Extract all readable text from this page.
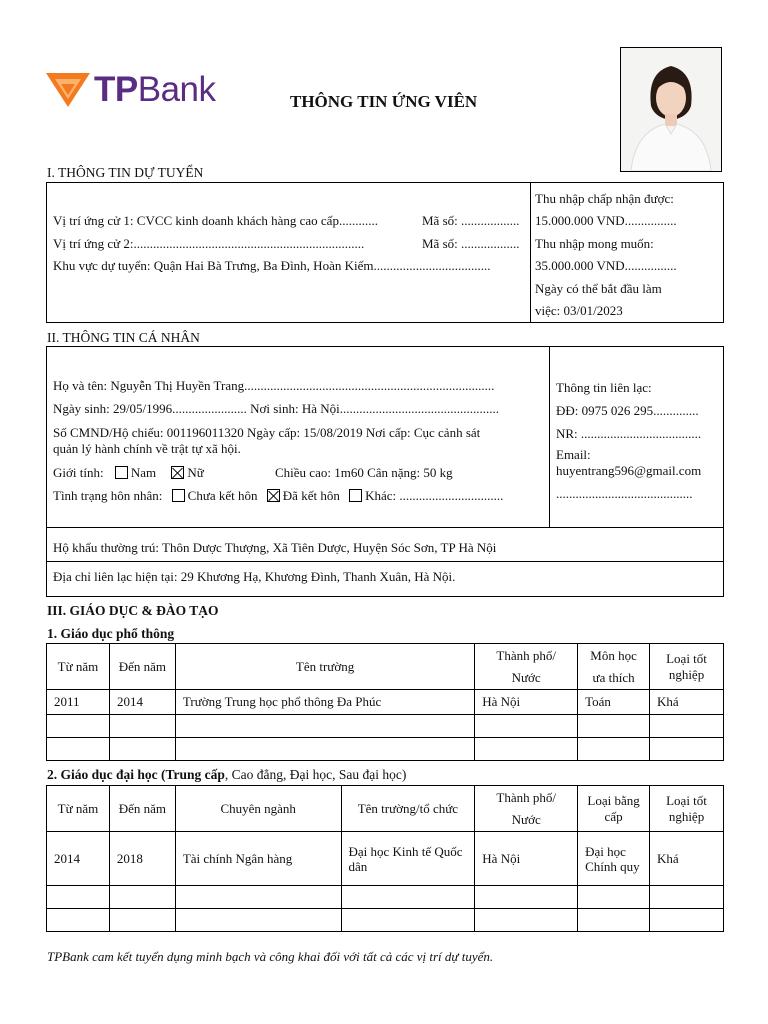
TPBank	THÔNG TIN ỨNG VIÊN
I. THÔNG TIN DỰ TUYỂN
Vị trí ứng cử 1: CVCC kinh doanh khách hàng cao cấp............	Mã số: ..................
Vị trí ứng cử 2:.......................................................................	Mã số: ..................
Khu vực dự tuyển: Quận Hai Bà Trưng, Ba Đình, Hoàn Kiếm....................................
Thu nhập chấp nhận được:
15.000.000 VND................
Thu nhập mong muốn:
35.000.000 VND................
Ngày có thể bắt đầu làm
việc: 03/01/2023
II. THÔNG TIN CÁ NHÂN
Họ và tên: Nguyễn Thị Huyền Trang.............................................................................
Ngày sinh: 29/05/1996....................... Nơi sinh: Hà Nội.................................................
Số CMND/Hộ chiếu: 001196011320 Ngày cấp: 15/08/2019 Nơi cấp: Cục cảnh sát
quản lý hành chính về trật tự xã hội.
Giới tính: Nam Nữ	Chiều cao: 1m60 Cân nặng: 50 kg
Tình trạng hôn nhân: Chưa kết hôn Đã kết hôn Khác: ................................
Thông tin liên lạc:
ĐĐ: 0975 026 295..............
NR: .....................................
Email:
huyentrang596@gmail.com
..........................................
Hộ khẩu thường trú: Thôn Dược Thượng, Xã Tiên Dược, Huyện Sóc Sơn, TP Hà Nội
Địa chỉ liên lạc hiện tại: 29 Khương Hạ, Khương Đình, Thanh Xuân, Hà Nội.
III. GIÁO DỤC & ĐÀO TẠO
1. Giáo dục phổ thông
Từ năm	Đến năm	Tên trường	Thành phố/ Nước	Môn học ưa thích	Loại tốt nghiệp
2011	2014	Trường Trung học phổ thông Đa Phúc	Hà Nội	Toán	Khá

2. Giáo dục đại học (Trung cấp, Cao đẳng, Đại học, Sau đại học)
Từ năm	Đến năm	Chuyên ngành	Tên trường/tổ chức	Thành phố/ Nước	Loại bằng cấp	Loại tốt nghiệp
2014	2018	Tài chính Ngân hàng	Đại học Kinh tế Quốc dân	Hà Nội	Đại học Chính quy	Khá

TPBank cam kết tuyển dụng minh bạch và công khai đối với tất cả các vị trí dự tuyển.
